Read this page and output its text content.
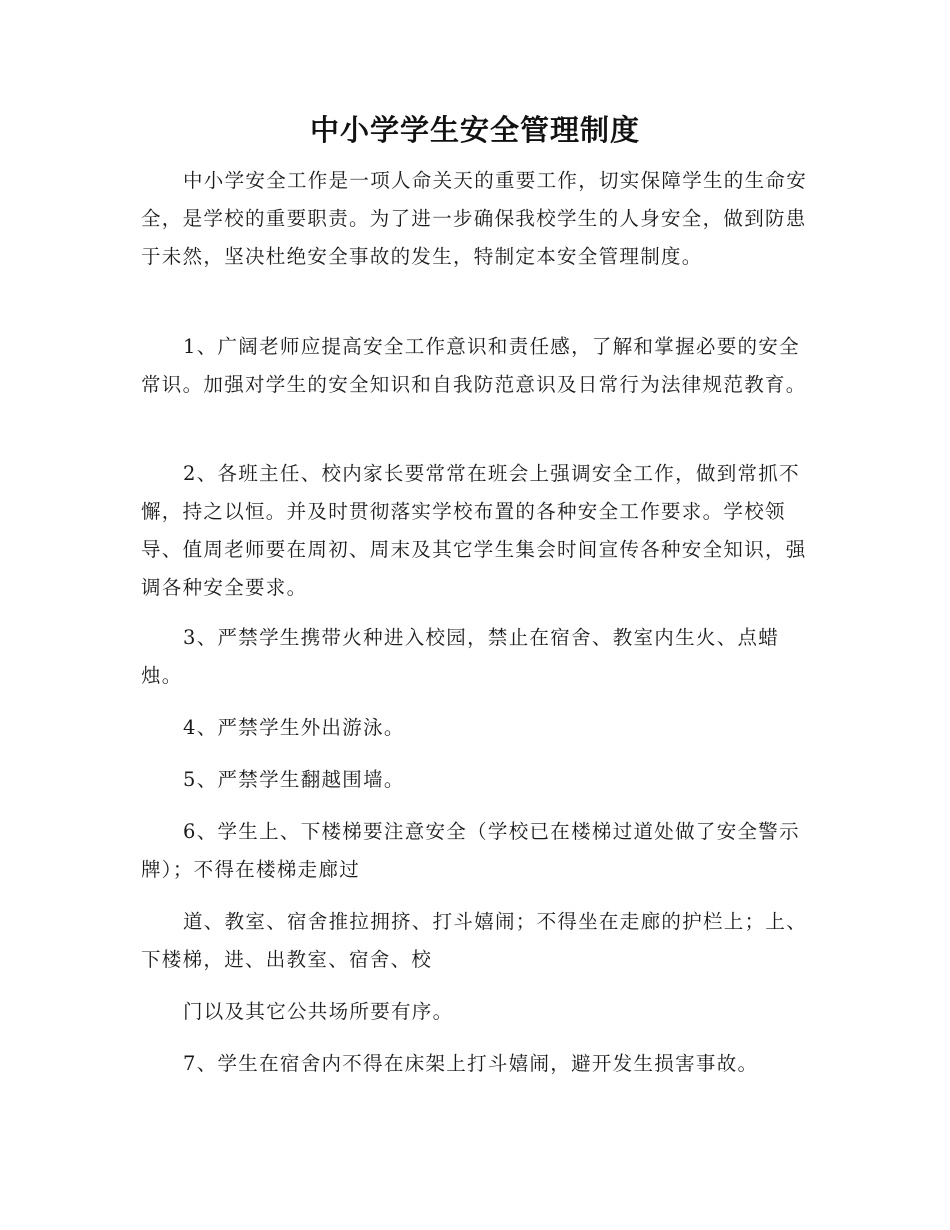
中小学学生安全管理制度

中小学安全工作是一项人命关天的重要工作，切实保障学生的生命安全，是学校的重要职责。为了进一步确保我校学生的人身安全，做到防患于未然，坚决杜绝安全事故的发生，特制定本安全管理制度。

1、广阔老师应提高安全工作意识和责任感，了解和掌握必要的安全常识。加强对学生的安全知识和自我防范意识及日常行为法律规范教育。

2、各班主任、校内家长要常常在班会上强调安全工作，做到常抓不懈，持之以恒。并及时贯彻落实学校布置的各种安全工作要求。学校领导、值周老师要在周初、周末及其它学生集会时间宣传各种安全知识，强调各种安全要求。

3、严禁学生携带火种进入校园，禁止在宿舍、教室内生火、点蜡烛。

4、严禁学生外出游泳。

5、严禁学生翻越围墙。

6、学生上、下楼梯要注意安全（学校已在楼梯过道处做了安全警示牌）；不得在楼梯走廊过

道、教室、宿舍推拉拥挤、打斗嬉闹；不得坐在走廊的护栏上；上、下楼梯，进、出教室、宿舍、校

门以及其它公共场所要有序。

7、学生在宿舍内不得在床架上打斗嬉闹，避开发生损害事故。
